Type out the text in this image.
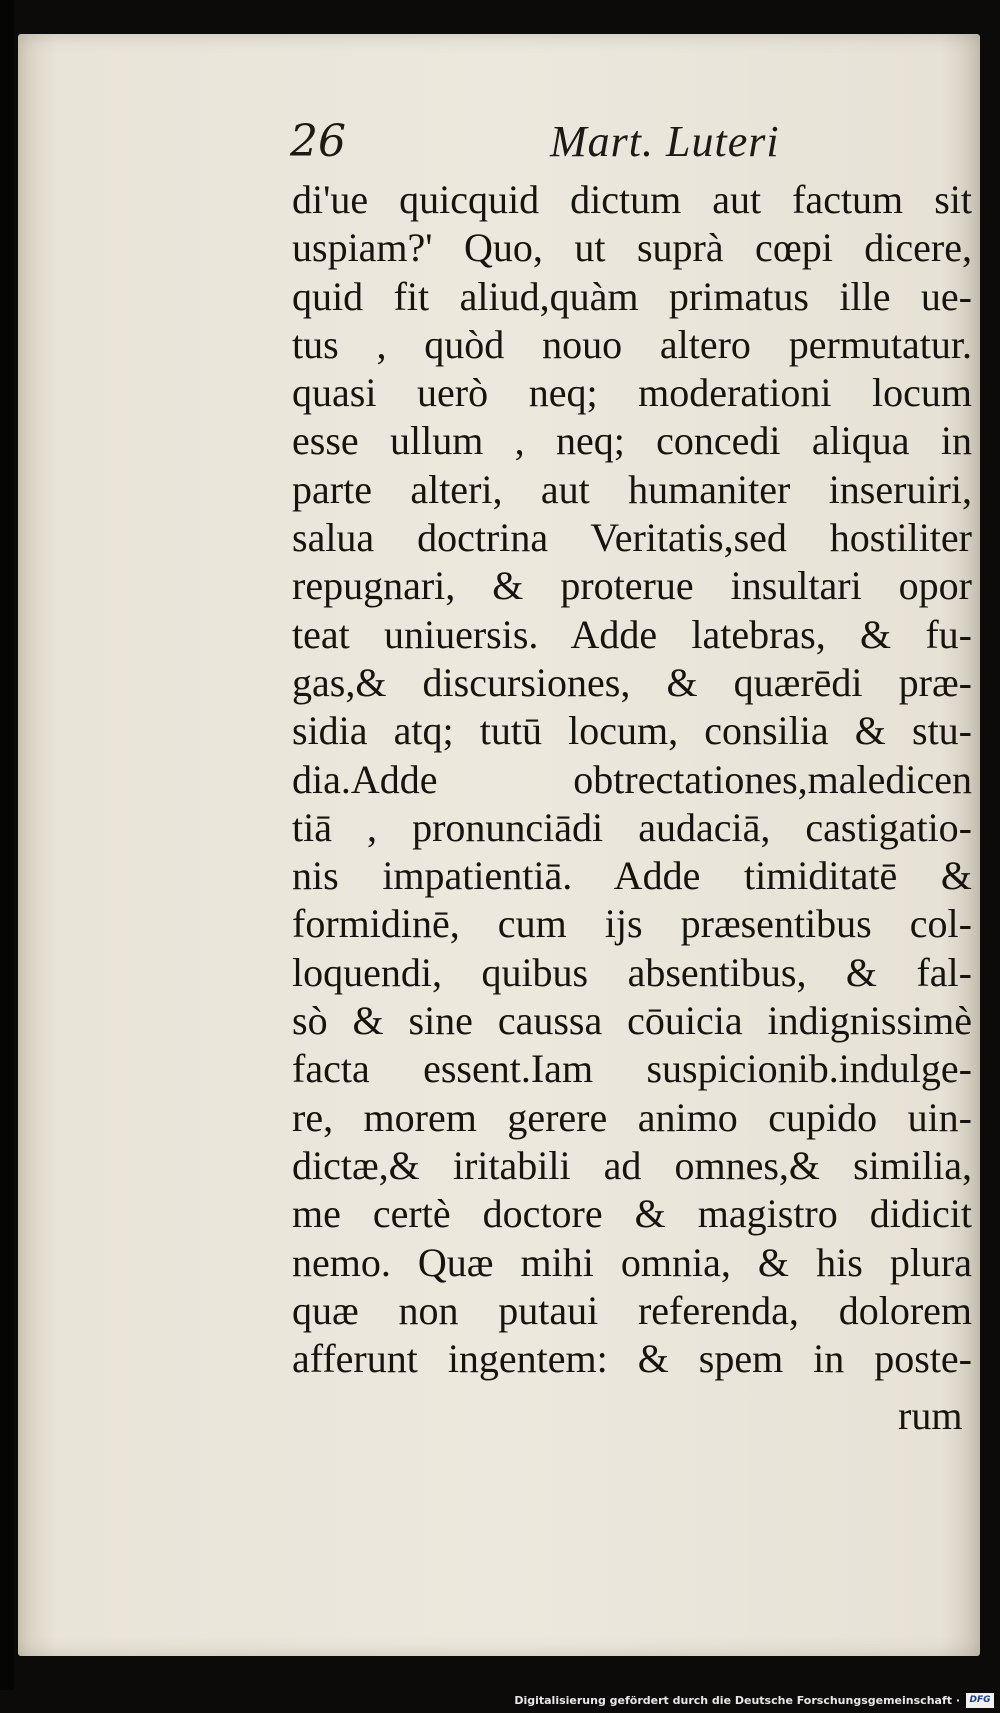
26	Mart. Luteri
di'ue quicquid dictum aut factum sit
uspiam?' Quo, ut suprà cœpi dicere,
quid fit aliud,quàm primatus ille ue-
tus , quòd nouo altero permutatur.
quasi uerò neq; moderationi locum
esse ullum , neq; concedi aliqua in
parte alteri, aut humaniter inseruiri,
salua doctrina Veritatis,sed hostiliter
repugnari, & proterue insultari opor
teat uniuersis. Adde latebras, & fu-
gas,& discursiones, & quærēdi præ-
sidia atq; tutū locum, consilia & stu-
dia.Adde obtrectationes,maledicen
tiā , pronunciādi audaciā, castigatio-
nis impatientiā. Adde timiditatē &
formidinē, cum ijs præsentibus col-
loquendi, quibus absentibus, & fal-
sò & sine caussa cōuicia indignissimè
facta essent.Iam suspicionib.indulge-
re, morem gerere animo cupido uin-
dictæ,& iritabili ad omnes,& similia,
me certè doctore & magistro didicit
nemo. Quæ mihi omnia, & his plura
quæ non putaui referenda, dolorem
afferunt ingentem: & spem in poste-
rum
Digitalisierung gefördert durch die Deutsche Forschungsgemeinschaft ·	DFG
